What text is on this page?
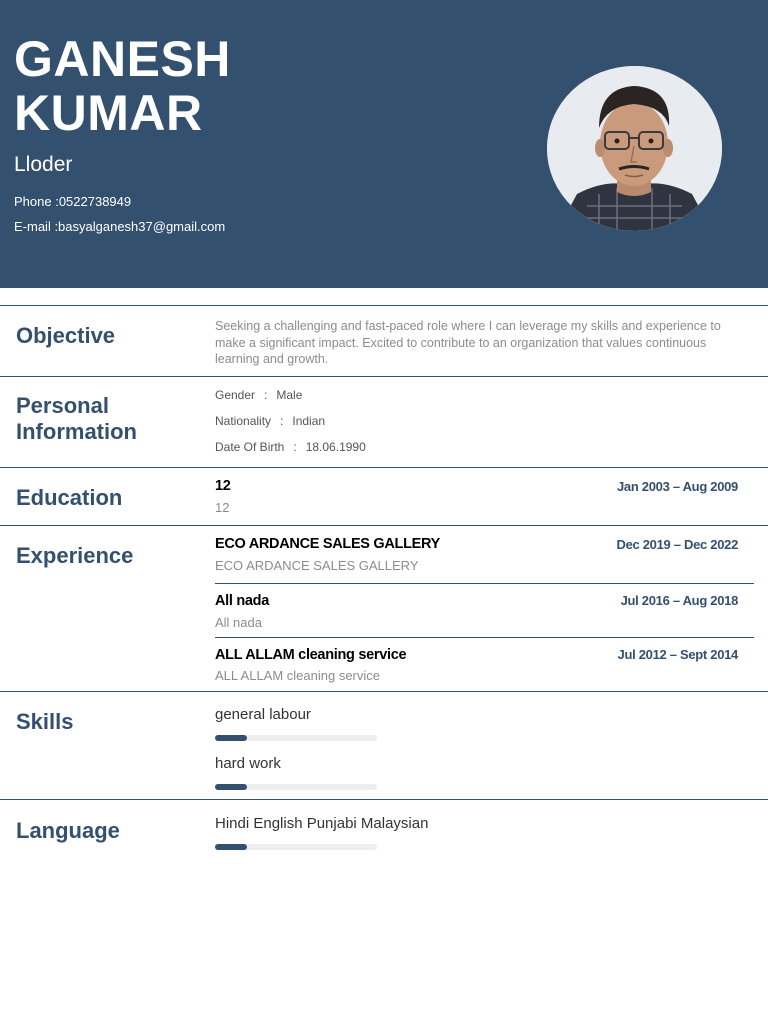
GANESH
KUMAR
Lloder
Phone :0522738949
E-mail :basyalganesh37@gmail.com
Objective	Seeking a challenging and fast-paced role where I can leverage my skills and experience to make a significant impact. Excited to contribute to an organization that values continuous learning and growth.
Personal
Information
Gender : Male
Nationality : Indian
Date Of Birth : 18.06.1990
Education	12	Jan 2003 – Aug 2009
12
Experience	ECO ARDANCE SALES GALLERY	Dec 2019 – Dec 2022
ECO ARDANCE SALES GALLERY
All nada	Jul 2016 – Aug 2018
All nada
ALL ALLAM cleaning service	Jul 2012 – Sept 2014
ALL ALLAM cleaning service
Skills	general labour
hard work
Language	Hindi English Punjabi Malaysian
